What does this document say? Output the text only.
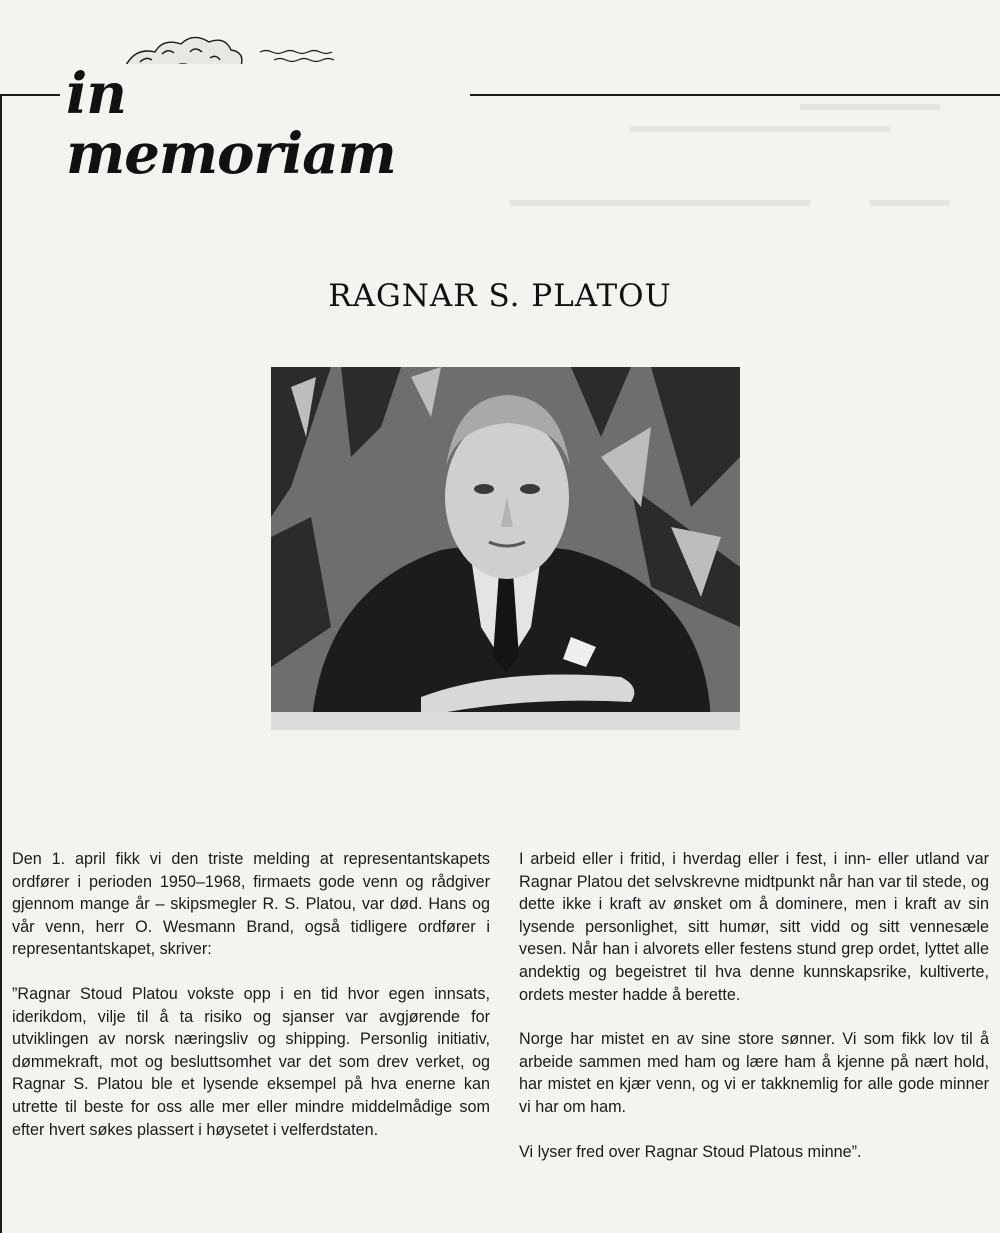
in memoriam
RAGNAR S. PLATOU

Den 1. april fikk vi den triste melding at representantskapets ordfører i perioden 1950–1968, firmaets gode venn og rådgiver gjennom mange år – skipsmegler R. S. Platou, var død. Hans og vår venn, herr O. Wesmann Brand, også tidligere ordfører i representantskapet, skriver:

”Ragnar Stoud Platou vokste opp i en tid hvor egen innsats, iderikdom, vilje til å ta risiko og sjanser var avgjørende for utviklingen av norsk næringsliv og shipping. Personlig initiativ, dømmekraft, mot og besluttsomhet var det som drev verket, og Ragnar S. Platou ble et lysende eksempel på hva enerne kan utrette til beste for oss alle mer eller mindre middelmådige som efter hvert søkes plassert i høysetet i velferdstaten.

I arbeid eller i fritid, i hverdag eller i fest, i inn- eller utland var Ragnar Platou det selvskrevne midtpunkt når han var til stede, og dette ikke i kraft av ønsket om å dominere, men i kraft av sin lysende personlighet, sitt humør, sitt vidd og sitt vennesæle vesen. Når han i alvorets eller festens stund grep ordet, lyttet alle andektig og begeistret til hva denne kunnskapsrike, kultiverte, ordets mester hadde å berette.

Norge har mistet en av sine store sønner. Vi som fikk lov til å arbeide sammen med ham og lære ham å kjenne på nært hold, har mistet en kjær venn, og vi er takknemlig for alle gode minner vi har om ham.

Vi lyser fred over Ragnar Stoud Platous minne”.
